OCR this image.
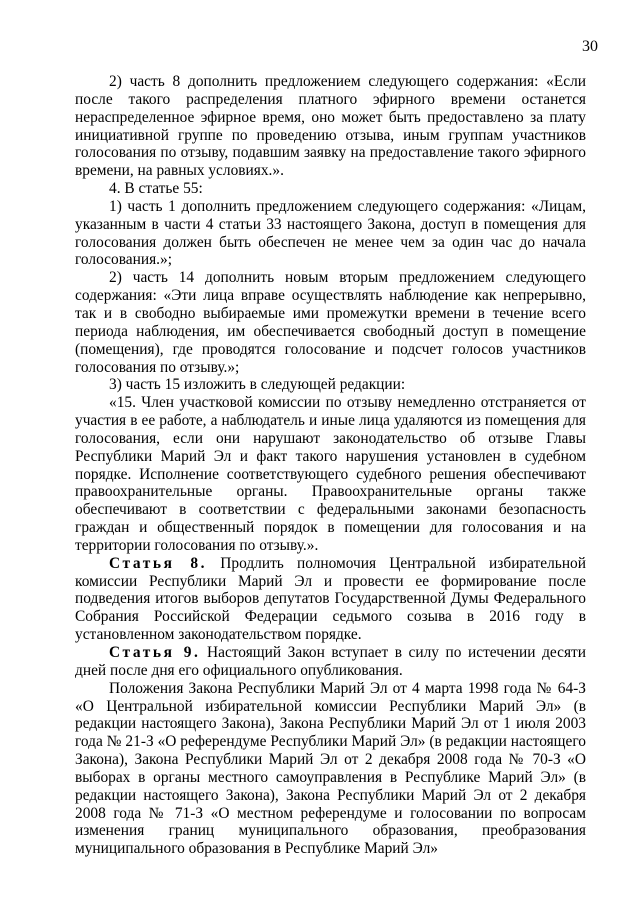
30

2) часть 8 дополнить предложением следующего содержания: «Если после такого распределения платного эфирного времени останется нераспределенное эфирное время, оно может быть предоставлено за плату инициативной группе по проведению отзыва, иным группам участников голосования по отзыву, подавшим заявку на предоставление такого эфирного времени, на равных условиях.».

4. В статье 55:

1) часть 1 дополнить предложением следующего содержания: «Лицам, указанным в части 4 статьи 33 настоящего Закона, доступ в помещения для голосования должен быть обеспечен не менее чем за один час до начала голосования.»;

2) часть 14 дополнить новым вторым предложением следующего содержания: «Эти лица вправе осуществлять наблюдение как непрерывно, так и в свободно выбираемые ими промежутки времени в течение всего периода наблюдения, им обеспечивается свободный доступ в помещение (помещения), где проводятся голосование и подсчет голосов участников голосования по отзыву.»;

3) часть 15 изложить в следующей редакции:

«15. Член участковой комиссии по отзыву немедленно отстраняется от участия в ее работе, а наблюдатель и иные лица удаляются из помещения для голосования, если они нарушают законодательство об отзыве Главы Республики Марий Эл и факт такого нарушения установлен в судебном порядке. Исполнение соответствующего судебного решения обеспечивают правоохранительные органы. Правоохранительные органы также обеспечивают в соответствии с федеральными законами безопасность граждан и общественный порядок в помещении для голосования и на территории голосования по отзыву.».

Статья 8. Продлить полномочия Центральной избирательной комиссии Республики Марий Эл и провести ее формирование после подведения итогов выборов депутатов Государственной Думы Федерального Собрания Российской Федерации седьмого созыва в 2016 году в установленном законодательством порядке.

Статья 9. Настоящий Закон вступает в силу по истечении десяти дней после дня его официального опубликования.

Положения Закона Республики Марий Эл от 4 марта 1998 года № 64-З «О Центральной избирательной комиссии Республики Марий Эл» (в редакции настоящего Закона), Закона Республики Марий Эл от 1 июля 2003 года № 21-З «О референдуме Республики Марий Эл» (в редакции настоящего Закона), Закона Республики Марий Эл от 2 декабря 2008 года № 70-З «О выборах в органы местного самоуправления в Республике Марий Эл» (в редакции настоящего Закона), Закона Республики Марий Эл от 2 декабря 2008 года № 71-З «О местном референдуме и голосовании по вопросам изменения границ муниципального образования, преобразования муниципального образования в Республике Марий Эл»
